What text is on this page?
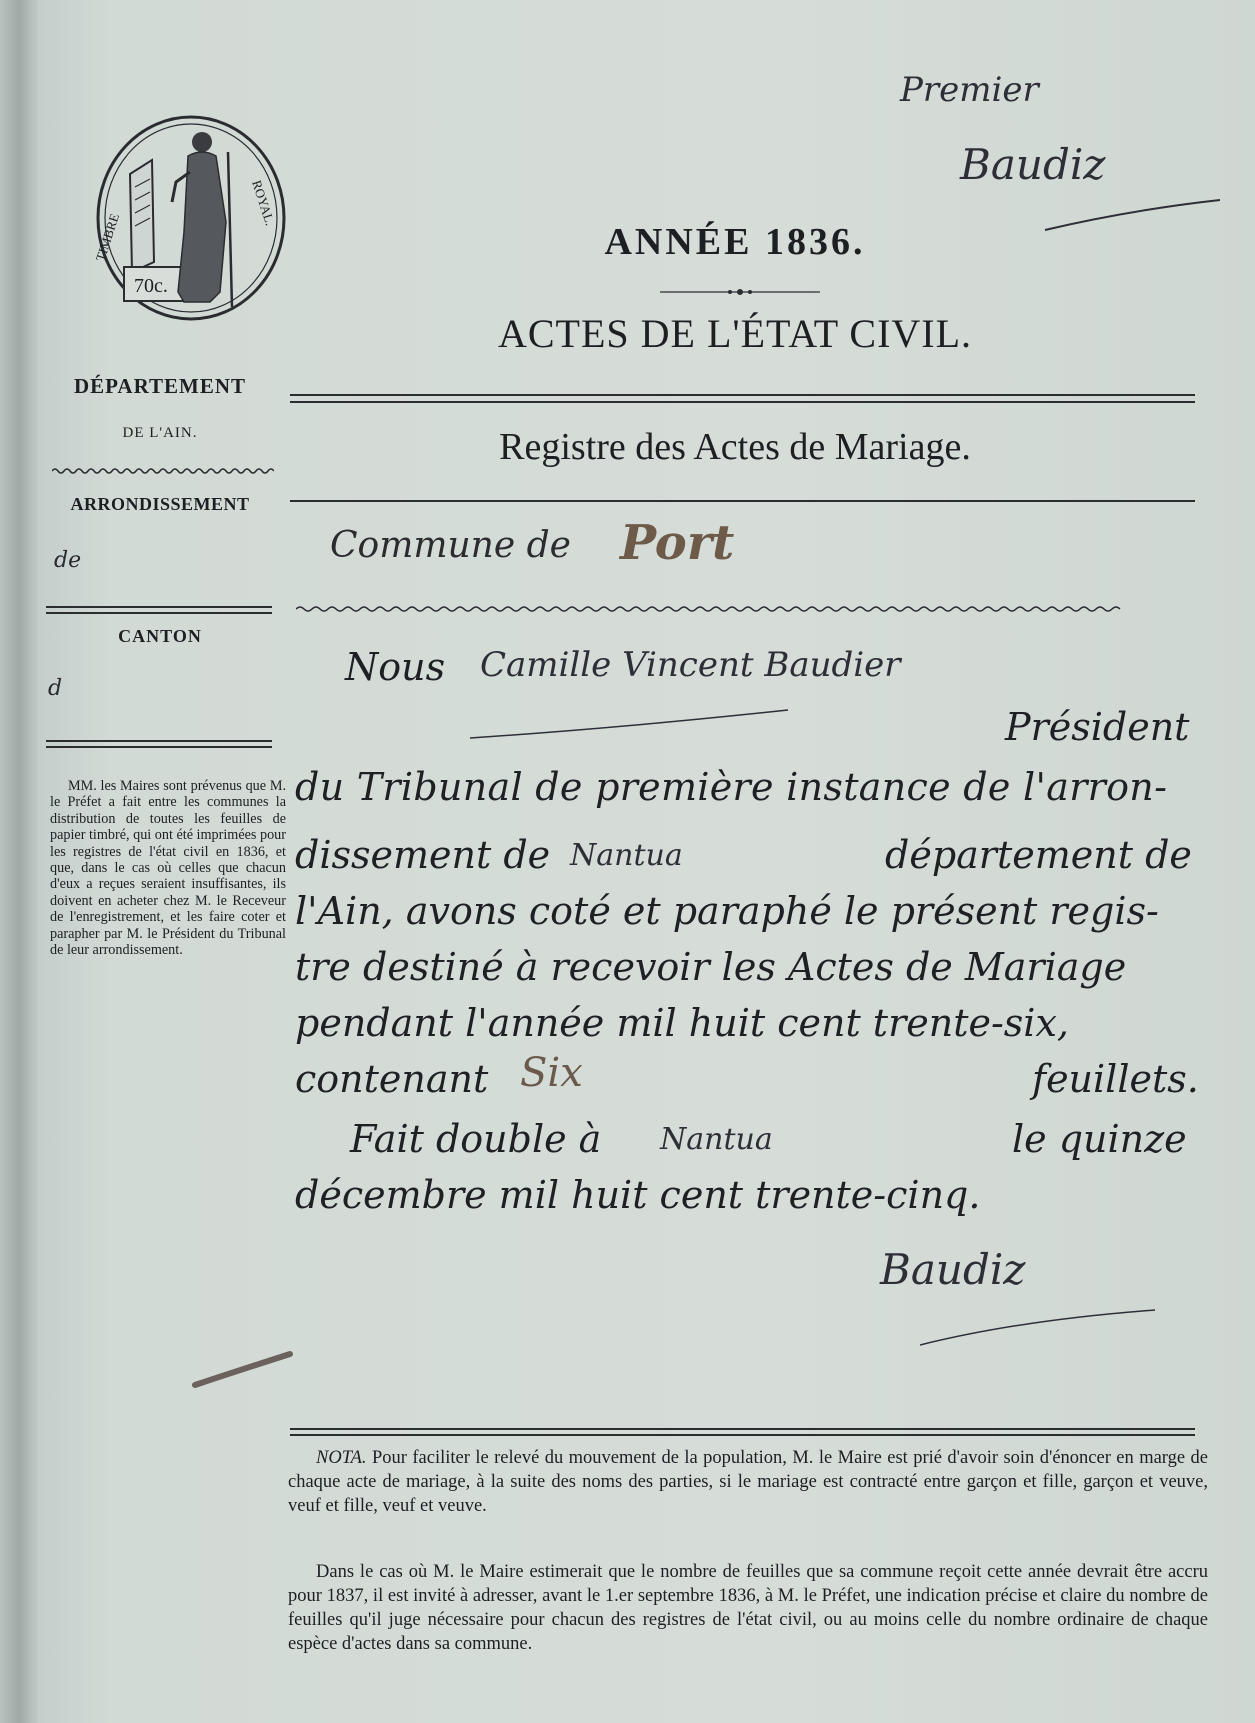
70c.
TIMBRE
ROYAL.
Premier
Baudiz
DÉPARTEMENT
DE L'AIN.
ARRONDISSEMENT
de
CANTON
d
MM. les Maires sont prévenus que M. le Préfet a fait entre les communes la distribution de toutes les feuilles de papier timbré, qui ont été imprimées pour les registres de l'état civil en 1836, et que, dans le cas où celles que chacun d'eux a reçues seraient insuffisantes, ils doivent en acheter chez M. le Receveur de l'enregistrement, et les faire coter et parapher par M. le Président du Tribunal de leur arrondissement.
ANNÉE 1836.
ACTES DE L'ÉTAT CIVIL.
Registre des Actes de Mariage.
Commune de Port
Nous Camille Vincent Baudier
Président
du Tribunal de première instance de l'arron-
dissement de Nantua	département de
l'Ain, avons coté et paraphé le présent regis-
tre destiné à recevoir les Actes de Mariage
pendant l'année mil huit cent trente-six,
contenant Six	feuillets.
Fait double à Nantua	le quinze
décembre mil huit cent trente-cinq.
Baudiz
NOTA. Pour faciliter le relevé du mouvement de la population, M. le Maire est prié d'avoir soin d'énoncer en marge de chaque acte de mariage, à la suite des noms des parties, si le mariage est contracté entre garçon et fille, garçon et veuve, veuf et fille, veuf et veuve.
Dans le cas où M. le Maire estimerait que le nombre de feuilles que sa commune reçoit cette année devrait être accru pour 1837, il est invité à adresser, avant le 1.er septembre 1836, à M. le Préfet, une indication précise et claire du nombre de feuilles qu'il juge nécessaire pour chacun des registres de l'état civil, ou au moins celle du nombre ordinaire de chaque espèce d'actes dans sa commune.
